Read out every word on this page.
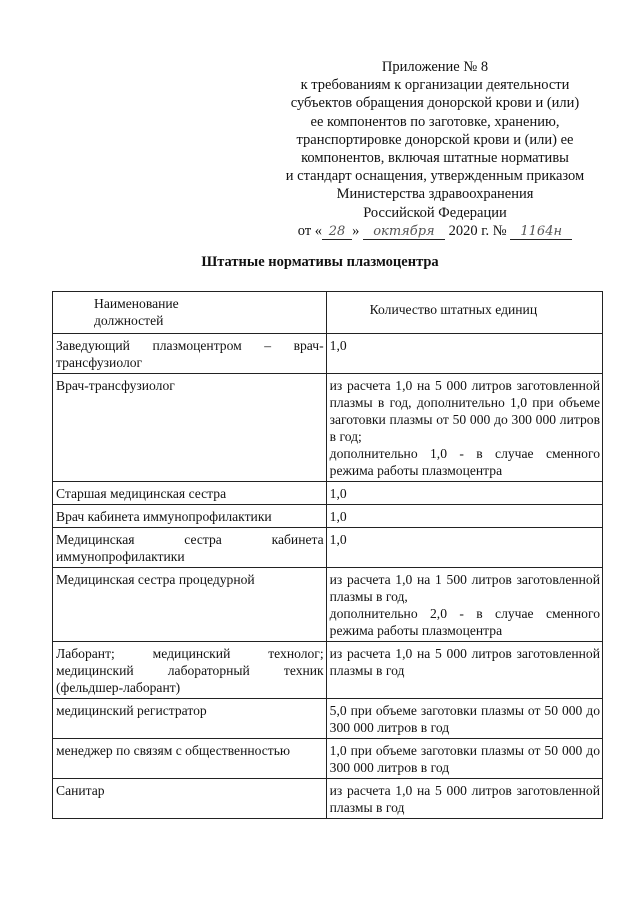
Приложение № 8
к требованиям к организации деятельности
субъектов обращения донорской крови и (или)
ее компонентов по заготовке, хранению,
транспортировке донорской крови и (или) ее
компонентов, включая штатные нормативы
и стандарт оснащения, утвержденным приказом
Министерства здравоохранения
Российской Федерации
от « 28 » октября 2020 г. № 1164н
Штатные нормативы плазмоцентра
Наименование должностей	Количество штатных единиц

Заведующий плазмоцентром – врач-трансфузиолог	1,0

Врач-трансфузиолог	из расчета 1,0 на 5 000 литров заготовленной плазмы в год, дополнительно 1,0 при объеме заготовки плазмы от 50 000 до 300 000 литров в год;
дополнительно 1,0 - в случае сменного режима работы плазмоцентра

Старшая медицинская сестра	1,0

Врач кабинета иммунопрофилактики	1,0

Медицинская сестра кабинета иммунопрофилактики	1,0

Медицинская сестра процедурной	из расчета 1,0 на 1 500 литров заготовленной плазмы в год,
дополнительно 2,0 - в случае сменного режима работы плазмоцентра

Лаборант; медицинский технолог; медицинский лабораторный техник (фельдшер-лаборант)	из расчета 1,0 на 5 000 литров заготовленной плазмы в год

медицинский регистратор	5,0 при объеме заготовки плазмы от 50 000 до 300 000 литров в год

менеджер по связям с общественностью	1,0 при объеме заготовки плазмы от 50 000 до 300 000 литров в год

Санитар	из расчета 1,0 на 5 000 литров заготовленной плазмы в год
